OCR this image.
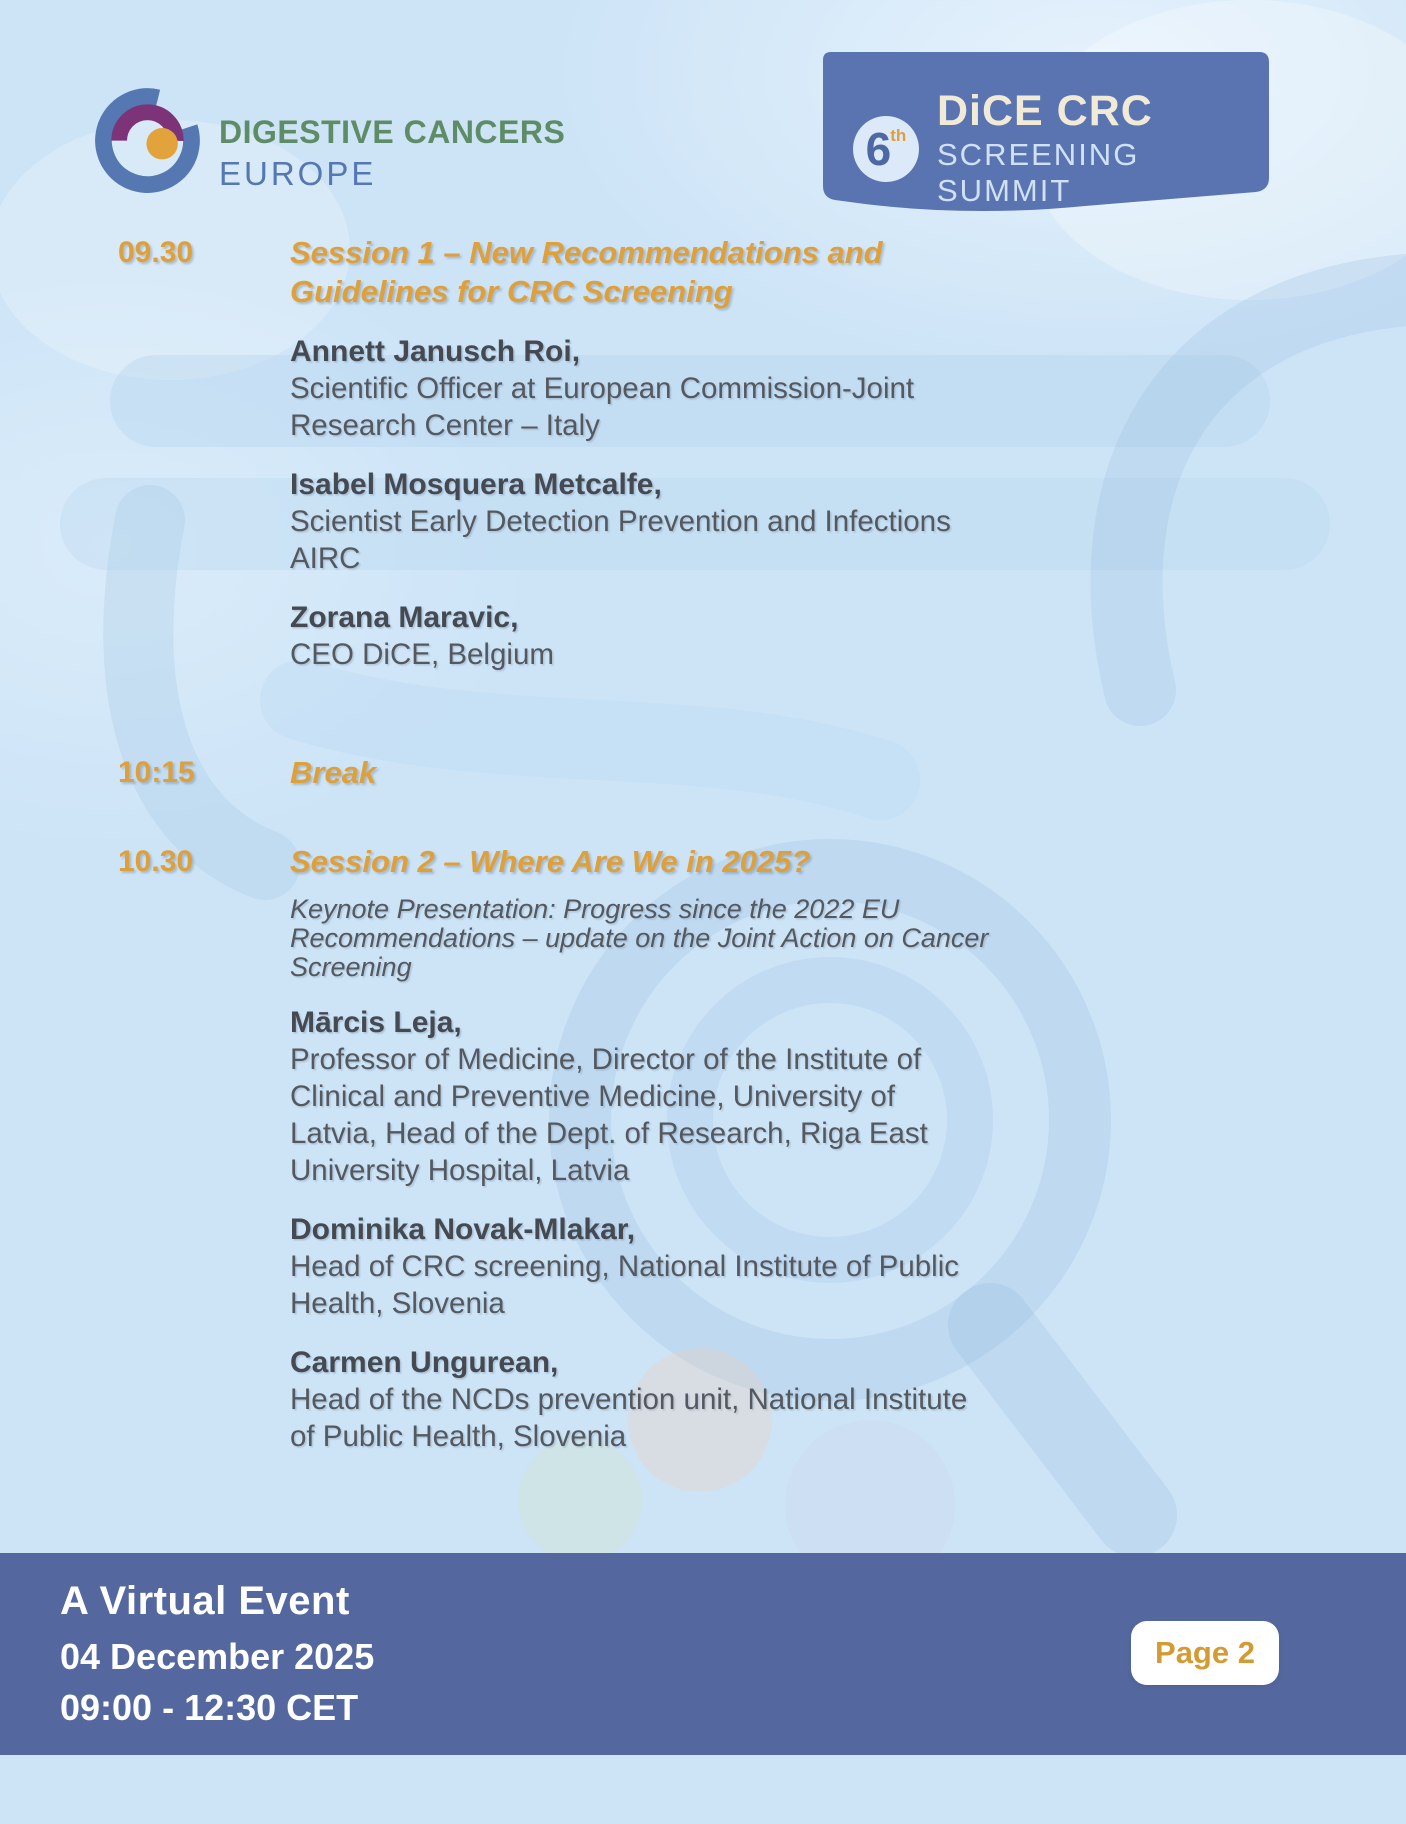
DIGESTIVE CANCERS
EUROPE	6 th
DiCE CRC
SCREENING SUMMIT
09.30	Session 1 – New Recommendations and Guidelines for CRC Screening
Annett Janusch Roi,
Scientific Officer at European Commission-Joint Research Center – Italy
Isabel Mosquera Metcalfe,
Scientist Early Detection Prevention and Infections AIRC
Zorana Maravic,
CEO DiCE, Belgium
10:15	Break
10.30	Session 2 – Where Are We in 2025?

Keynote Presentation: Progress since the 2022 EU Recommendations – update on the Joint Action on Cancer Screening

Mārcis Leja,
Professor of Medicine, Director of the Institute of Clinical and Preventive Medicine, University of Latvia, Head of the Dept. of Research, Riga East University Hospital, Latvia
Dominika Novak-Mlakar,
Head of CRC screening, National Institute of Public Health, Slovenia
Carmen Ungurean,
Head of the NCDs prevention unit, National Institute of Public Health, Slovenia
A Virtual Event
04 December 2025
09:00 - 12:30 CET
Page 2
